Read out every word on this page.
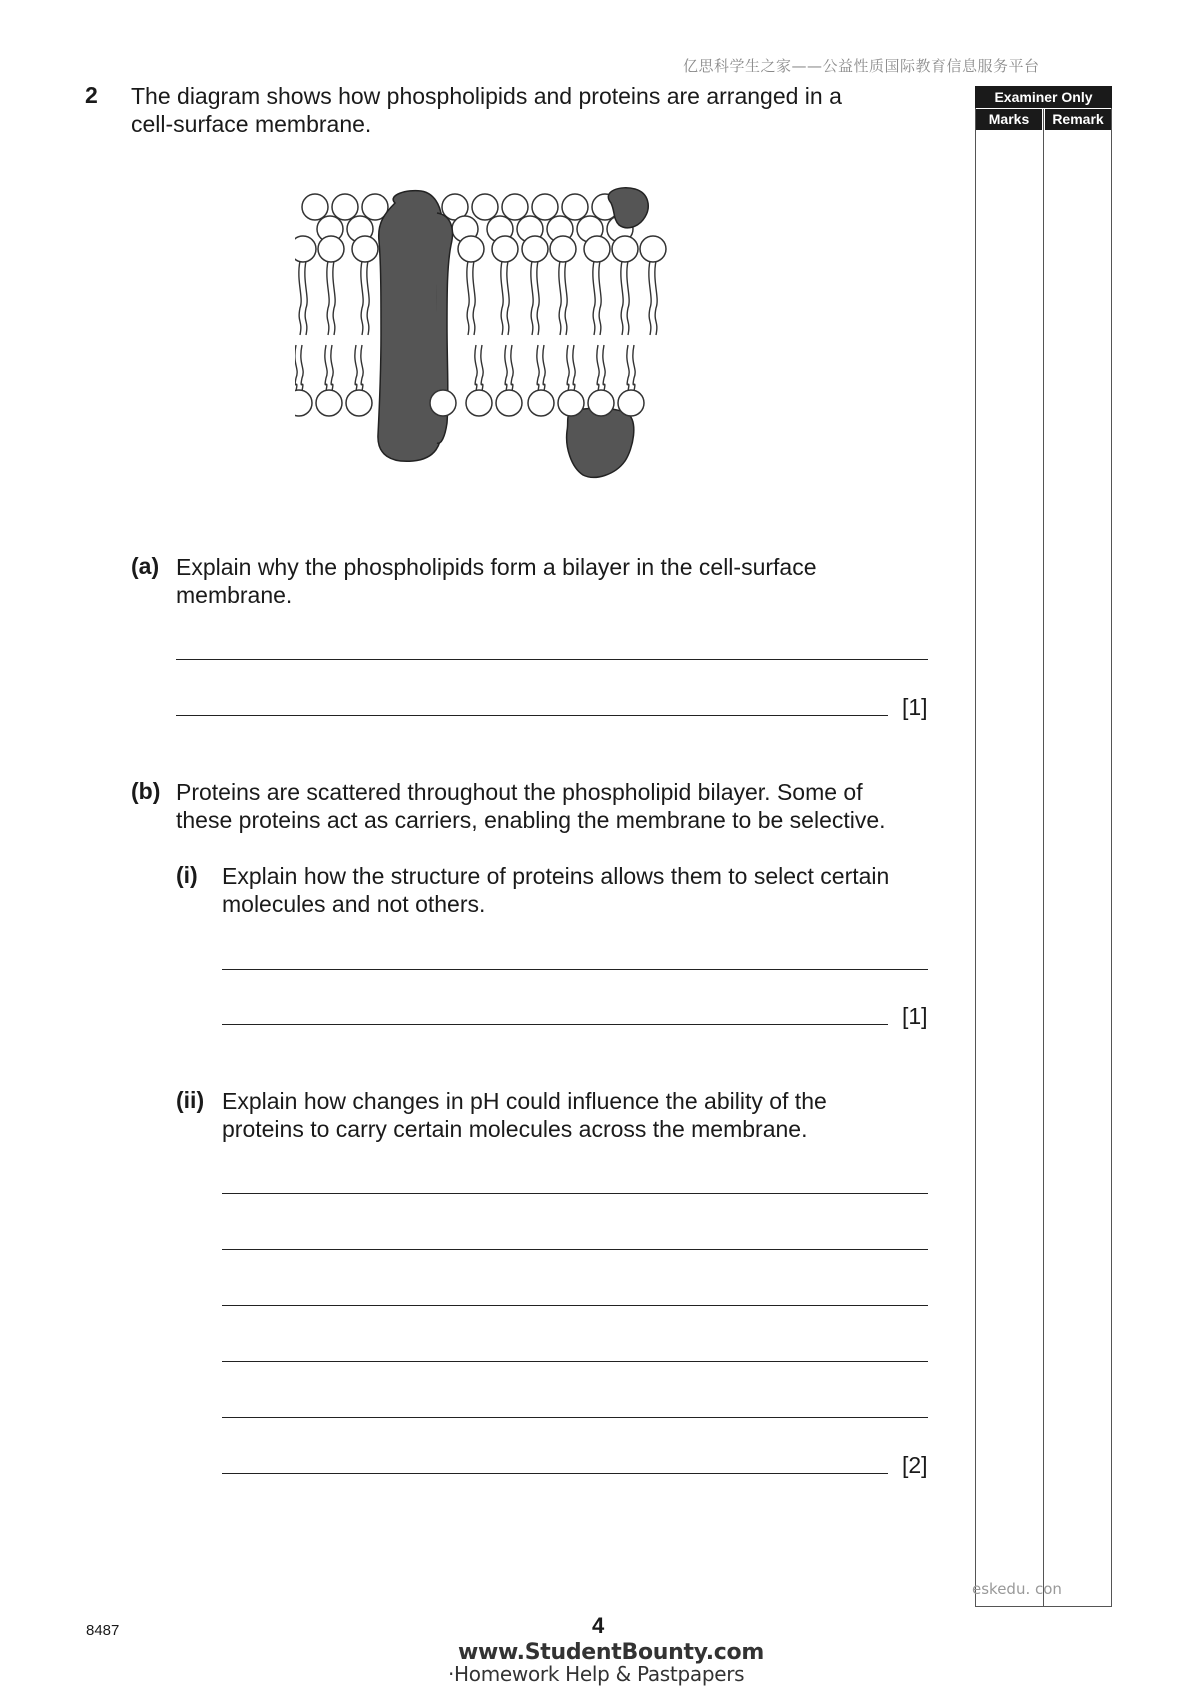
亿思科学生之家——公益性质国际教育信息服务平台
Examiner Only
Marks	Remark
2 The diagram shows how phospholipids and proteins are arranged in a
cell-surface membrane.
(a) Explain why the phospholipids form a bilayer in the cell-surface
membrane.
[1]
(b) Proteins are scattered throughout the phospholipid bilayer. Some of
these proteins act as carriers, enabling the membrane to be selective.
(i) Explain how the structure of proteins allows them to select certain
molecules and not others.
[1]
(ii) Explain how changes in pH could influence the ability of the
proteins to carry certain molecules across the membrane.
[2]
eskedu. con
8487	4
www.StudentBounty.com
·Homework Help & Pastpapers
